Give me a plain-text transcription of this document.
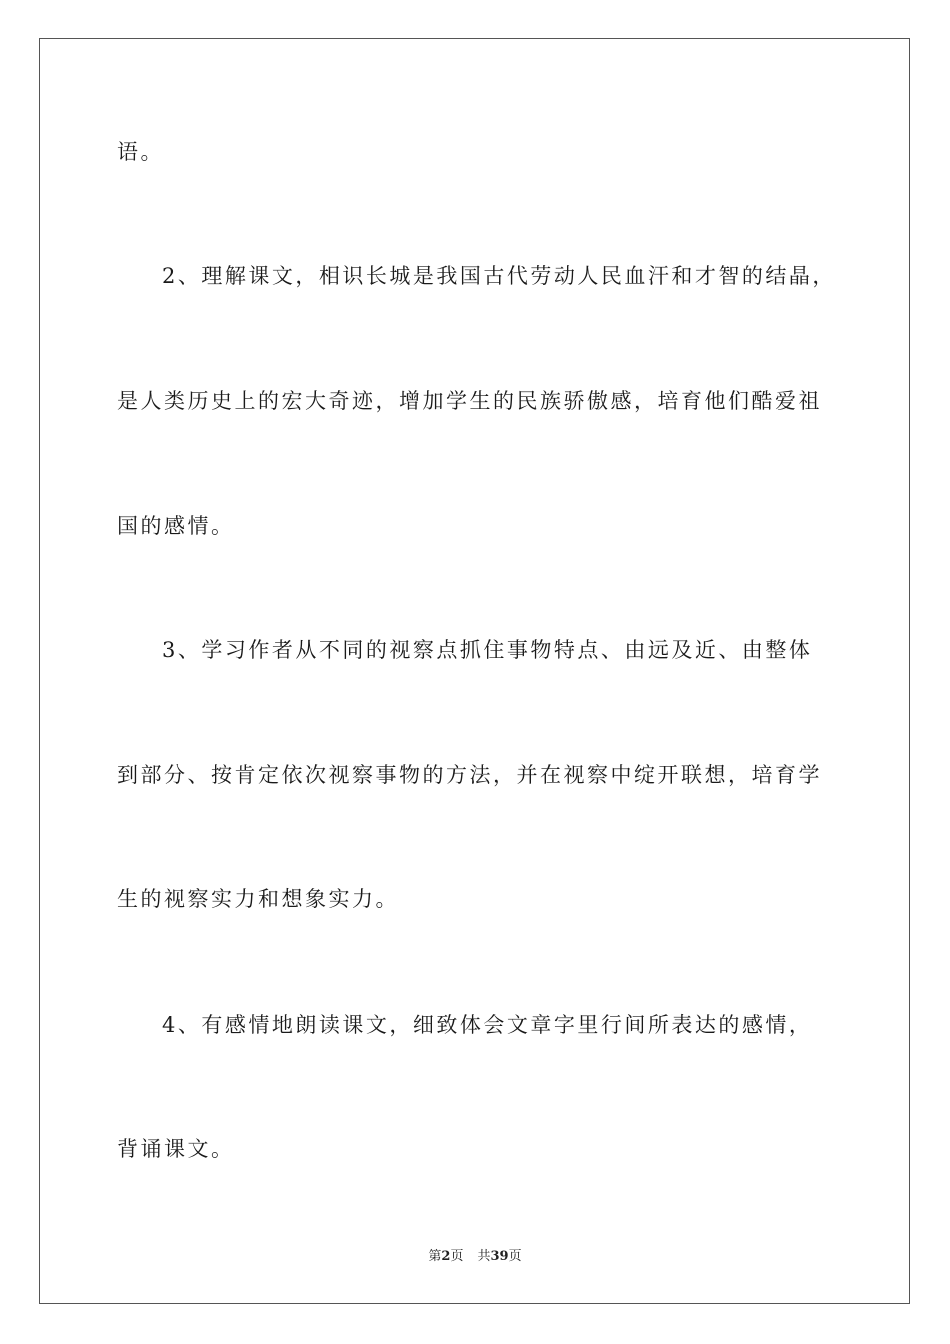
语。

2、理解课文，相识长城是我国古代劳动人民血汗和才智的结晶，

是人类历史上的宏大奇迹，增加学生的民族骄傲感，培育他们酷爱祖

国的感情。

3、学习作者从不同的视察点抓住事物特点、由远及近、由整体

到部分、按肯定依次视察事物的方法，并在视察中绽开联想，培育学

生的视察实力和想象实力。

4、有感情地朗读课文，细致体会文章字里行间所表达的感情，

背诵课文。

第2页 共39页
